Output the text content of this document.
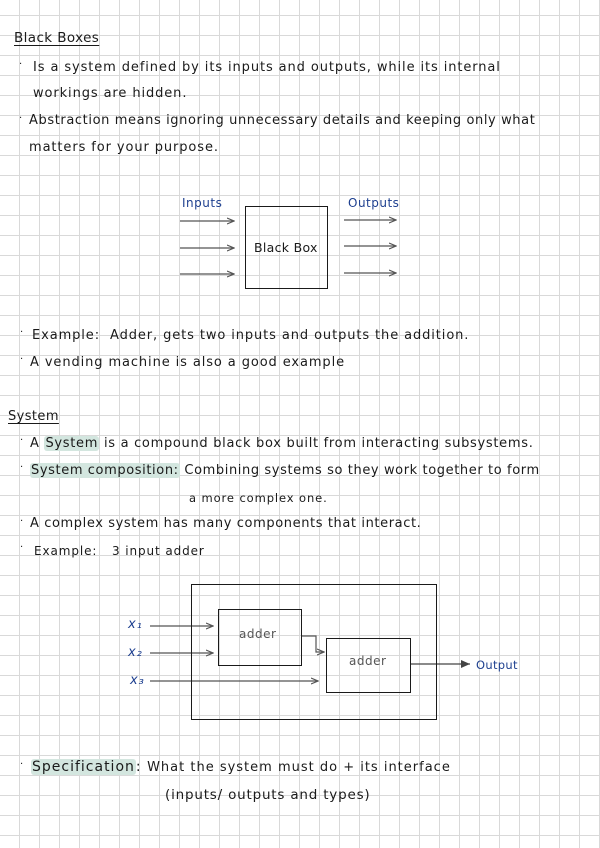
Black Boxes
· Is a system defined by its inputs and outputs, while its internal
workings are hidden.
· Abstraction means ignoring unnecessary details and keeping only what
matters for your purpose.
Inputs	Outputs
Black Box
· Example: Adder, gets two inputs and outputs the addition.
· A vending machine is also a good example
System
· A System is a compound black box built from interacting subsystems.
· System composition: Combining systems so they work together to form
a more complex one.
· A complex system has many components that interact.
· Example: 3 input adder
adder
adder
x₁
x₂
x₃
Output
· Specification: What the system must do + its interface
(inputs/ outputs and types)
